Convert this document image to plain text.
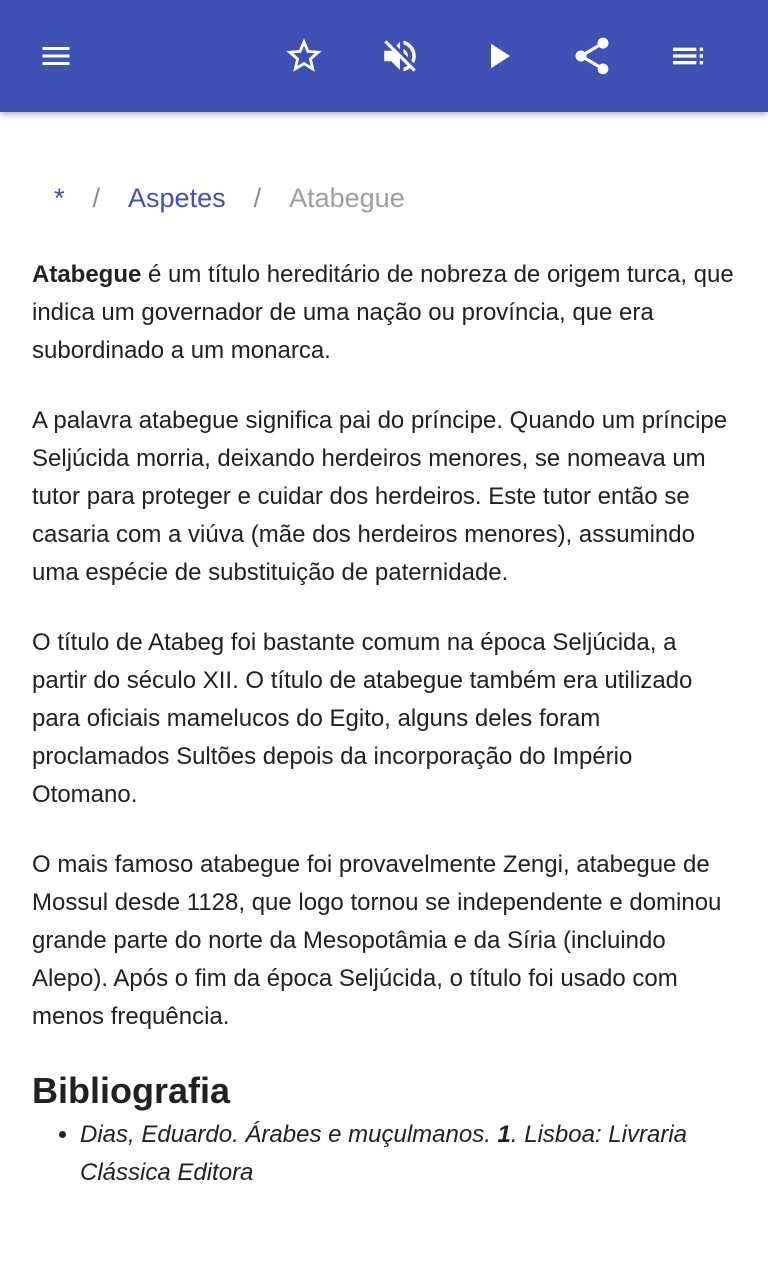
* / Aspetes / Atabegue

Atabegue é um título hereditário de nobreza de origem turca, que indica um governador de uma nação ou província, que era subordinado a um monarca.

A palavra atabegue significa pai do príncipe. Quando um príncipe Seljúcida morria, deixando herdeiros menores, se nomeava um tutor para proteger e cuidar dos herdeiros. Este tutor então se casaria com a viúva (mãe dos herdeiros menores), assumindo uma espécie de substituição de paternidade.

O título de Atabeg foi bastante comum na época Seljúcida, a partir do século XII. O título de atabegue também era utilizado para oficiais mamelucos do Egito, alguns deles foram proclamados Sultões depois da incorporação do Império Otomano.

O mais famoso atabegue foi provavelmente Zengi, atabegue de Mossul desde 1128, que logo tornou se independente e dominou grande parte do norte da Mesopotâmia e da Síria (incluindo Alepo). Após o fim da época Seljúcida, o título foi usado com menos frequência.

Bibliografia
• Dias, Eduardo. Árabes e muçulmanos. 1. Lisboa: Livraria Clássica Editora
